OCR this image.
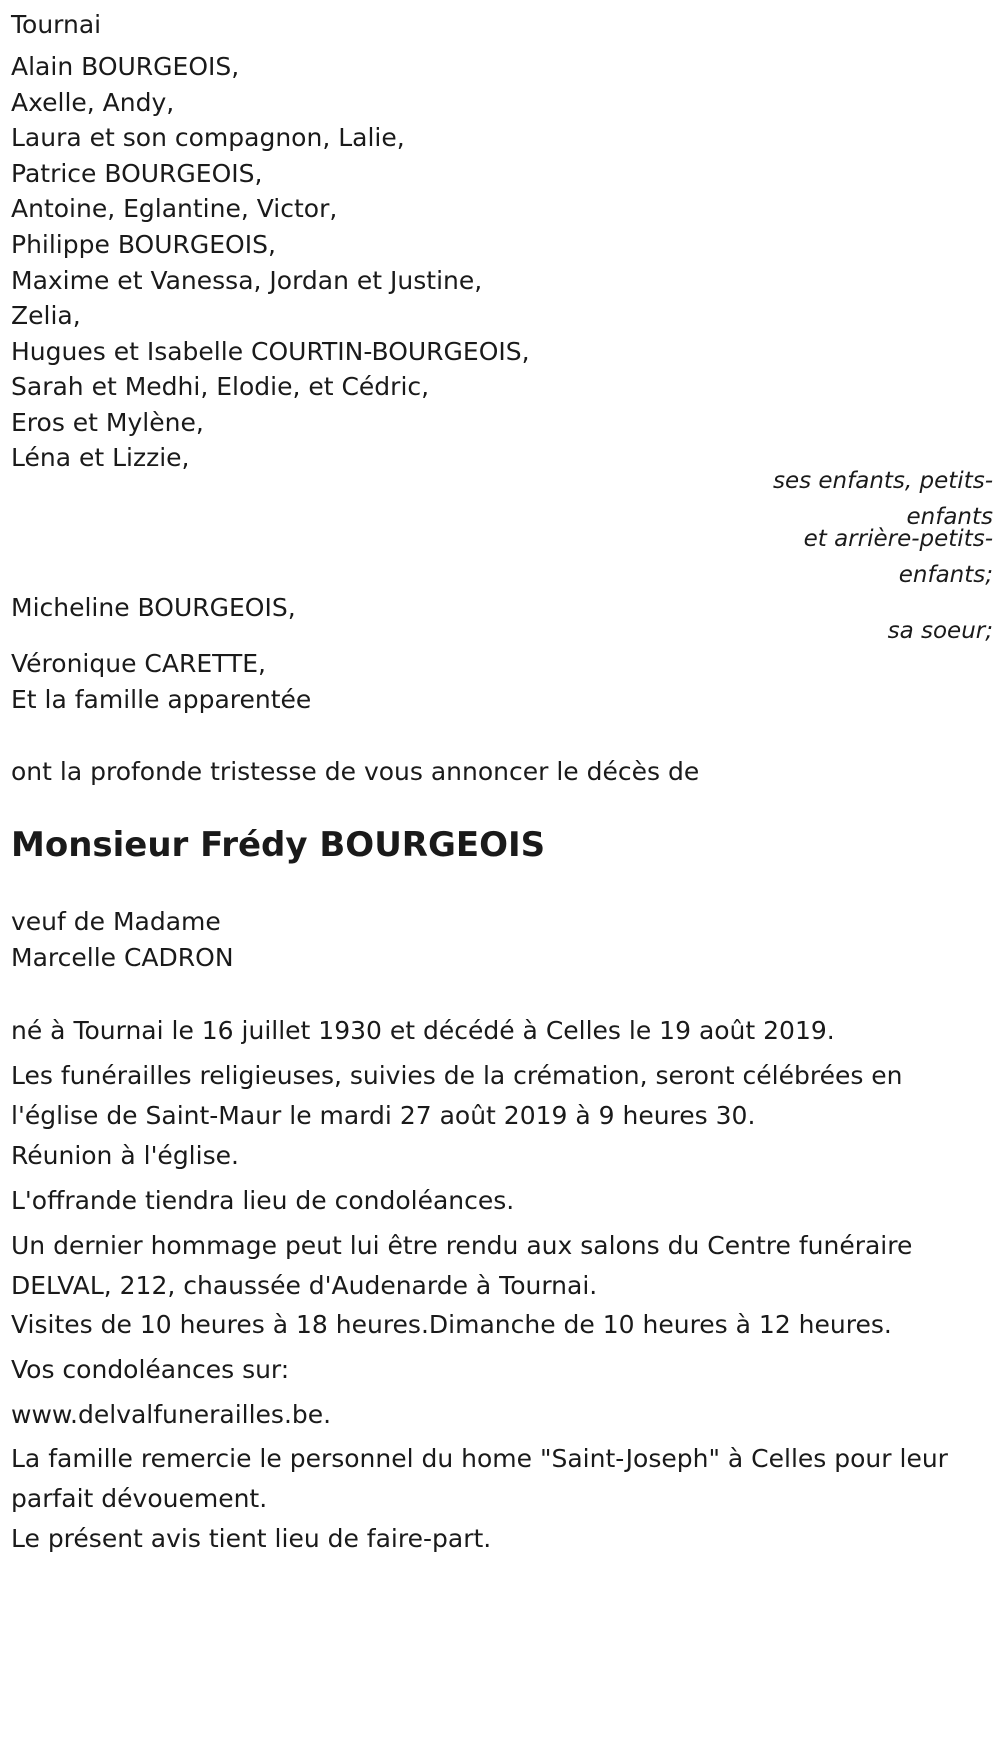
Tournai
Alain BOURGEOIS,
Axelle, Andy,
Laura et son compagnon, Lalie,
Patrice BOURGEOIS,
Antoine, Eglantine, Victor,
Philippe BOURGEOIS,
Maxime et Vanessa, Jordan et Justine,
Zelia,
Hugues et Isabelle COURTIN-BOURGEOIS,
Sarah et Medhi, Elodie, et Cédric,
Eros et Mylène,
Léna et Lizzie,
ses enfants, petits-
enfants
et arrière-petits-
enfants;
Micheline BOURGEOIS,
sa soeur;
Véronique CARETTE,
Et la famille apparentée
ont la profonde tristesse de vous annoncer le décès de
Monsieur Frédy BOURGEOIS
veuf de Madame
Marcelle CADRON
né à Tournai le 16 juillet 1930 et décédé à Celles le 19 août 2019.
Les funérailles religieuses, suivies de la crémation, seront célébrées en l'église de Saint-Maur le mardi 27 août 2019 à 9 heures 30.
Réunion à l'église.
L'offrande tiendra lieu de condoléances.
Un dernier hommage peut lui être rendu aux salons du Centre funéraire DELVAL, 212, chaussée d'Audenarde à Tournai.
Visites de 10 heures à 18 heures.Dimanche de 10 heures à 12 heures.
Vos condoléances sur:
www.delvalfunerailles.be.
La famille remercie le personnel du home "Saint-Joseph" à Celles pour leur parfait dévouement.
Le présent avis tient lieu de faire-part.
